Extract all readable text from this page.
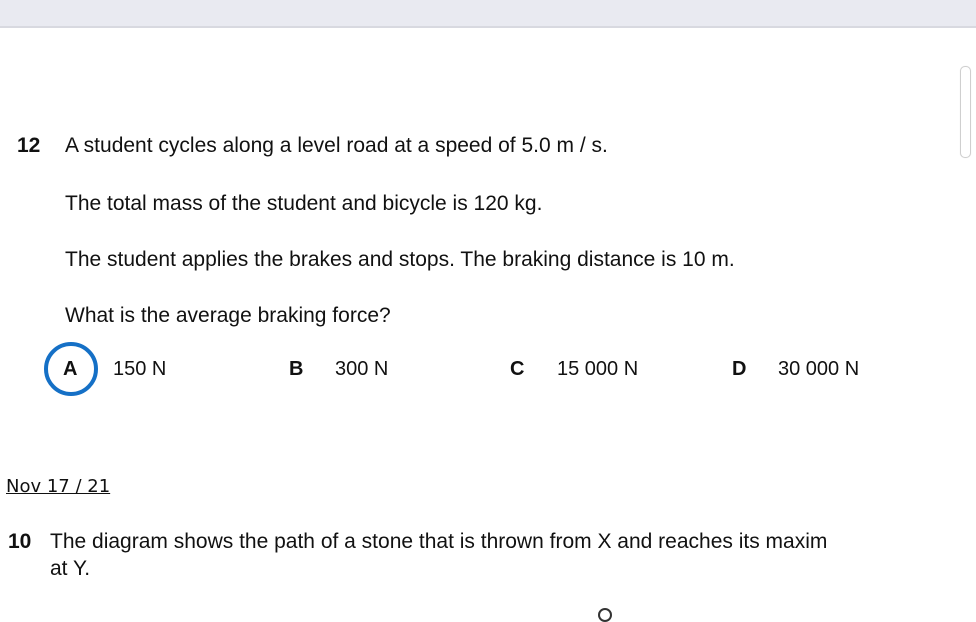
12 A student cycles along a level road at a speed of 5.0 m / s.
The total mass of the student and bicycle is 120 kg.
The student applies the brakes and stops. The braking distance is 10 m.
What is the average braking force?
A 150 N	B 300 N	C 15 000 N	D 30 000 N
Nov 17 / 21
10 The diagram shows the path of a stone that is thrown from X and reaches its maxim
at Y.
